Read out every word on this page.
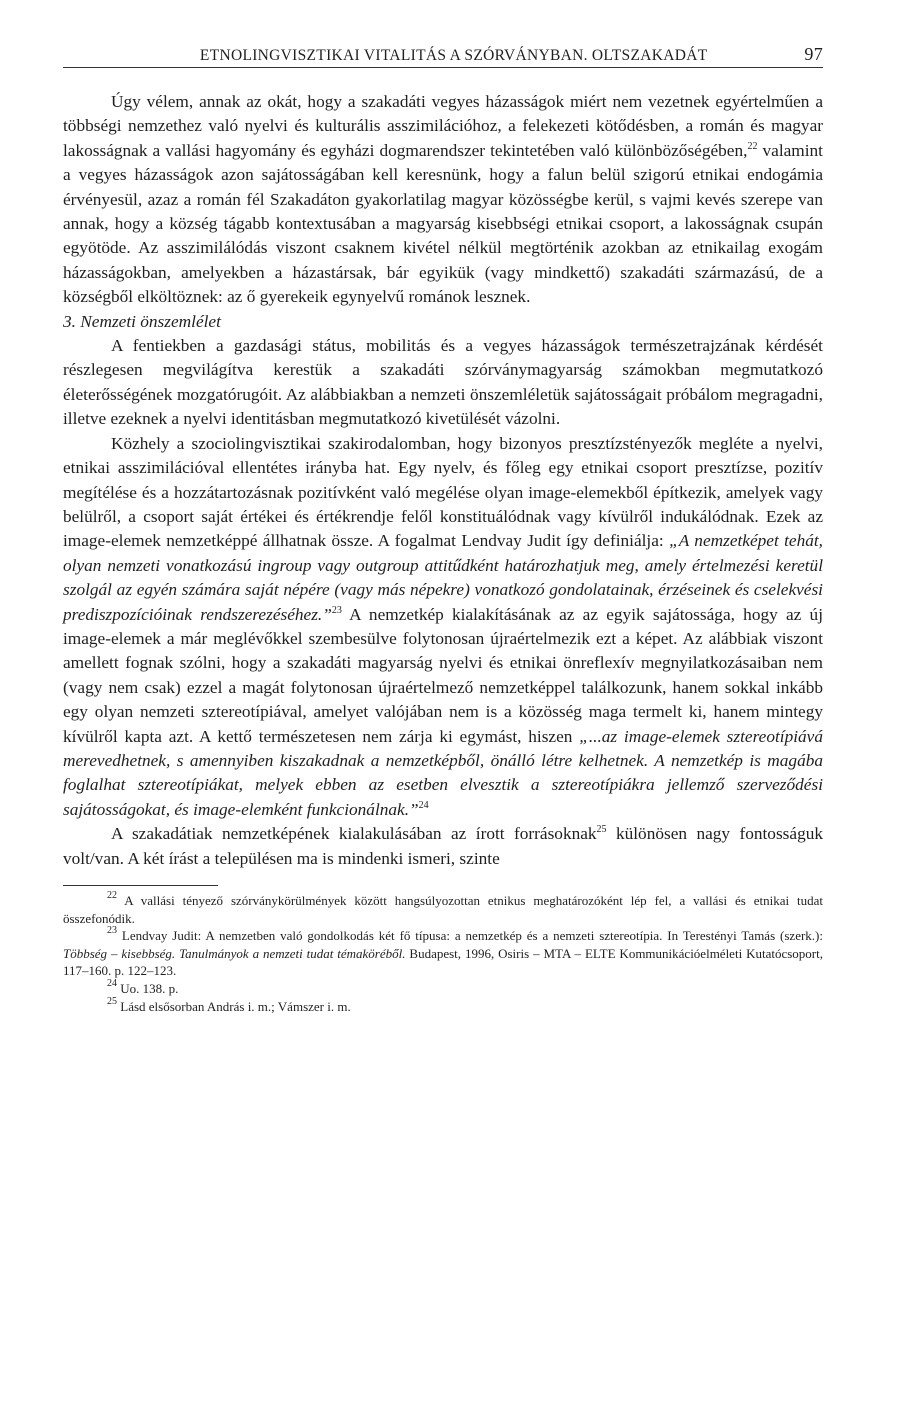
ETNOLINGVISZTIKAI VITALITÁS A SZÓRVÁNYBAN. OLTSZAKADÁT	97

Úgy vélem, annak az okát, hogy a szakadáti vegyes házasságok miért nem vezetnek egyértelműen a többségi nemzethez való nyelvi és kulturális asszimilációhoz, a felekezeti kötődésben, a román és magyar lakosságnak a vallási hagyomány és egyházi dogmarendszer tekintetében való különbözőségében,$^{22}$ valamint a vegyes házasságok azon sajátosságában kell keresnünk, hogy a falun belül szigorú etnikai endogámia érvényesül, azaz a román fél Szakadáton gyakorlatilag magyar közösségbe kerül, s vajmi kevés szerepe van annak, hogy a község tágabb kontextusában a magyarság kisebbségi etnikai csoport, a lakosságnak csupán egyötöde. Az asszimilálódás viszont csaknem kivétel nélkül megtörténik azokban az etnikailag exogám házasságokban, amelyekben a házastársak, bár egyikük (vagy mindkettő) szakadáti származású, de a községből elköltöznek: az ő gyerekeik egynyelvű románok lesznek.

3. Nemzeti önszemlélet

A fentiekben a gazdasági státus, mobilitás és a vegyes házasságok természetrajzának kérdését részlegesen megvilágítva kerestük a szakadáti szórványmagyarság számokban megmutatkozó életerősségének mozgatórugóit. Az alábbiakban a nemzeti önszemléletük sajátosságait próbálom megragadni, illetve ezeknek a nyelvi identitásban megmutatkozó kivetülését vázolni.

Közhely a szociolingvisztikai szakirodalomban, hogy bizonyos presztízstényezők megléte a nyelvi, etnikai asszimilációval ellentétes irányba hat. Egy nyelv, és főleg egy etnikai csoport presztízse, pozitív megítélése és a hozzátartozásnak pozitívként való megélése olyan image-elemekből építkezik, amelyek vagy belülről, a csoport saját értékei és értékrendje felől konstituálódnak vagy kívülről indukálódnak. Ezek az image-elemek nemzetképpé állhatnak össze. A fogalmat Lendvay Judit így definiálja: „A nemzetképet tehát, olyan nemzeti vonatkozású ingroup vagy outgroup attitűdként határozhatjuk meg, amely értelmezési keretül szolgál az egyén számára saját népére (vagy más népekre) vonatkozó gondolatainak, érzéseinek és cselekvési prediszpozícióinak rendszerezéséhez.”$^{23}$ A nemzetkép kialakításának az az egyik sajátossága, hogy az új image-elemek a már meglévőkkel szembesülve folytonosan újraértelmezik ezt a képet. Az alábbiak viszont amellett fognak szólni, hogy a szakadáti magyarság nyelvi és etnikai önreflexív megnyilatkozásaiban nem (vagy nem csak) ezzel a magát folytonosan újraértelmező nemzetképpel találkozunk, hanem sokkal inkább egy olyan nemzeti sztereotípiával, amelyet valójában nem is a közösség maga termelt ki, hanem mintegy kívülről kapta azt. A kettő természetesen nem zárja ki egymást, hiszen „...az image-elemek sztereotípiává merevedhetnek, s amennyiben kiszakadnak a nemzetképből, önálló létre kelhetnek. A nemzetkép is magába foglalhat sztereotípiákat, melyek ebben az esetben elvesztik a sztereotípiákra jellemző szerveződési sajátosságokat, és image-elemként funkcionálnak.”$^{24}$

A szakadátiak nemzetképének kialakulásában az írott forrásoknak$^{25}$ különösen nagy fontosságuk volt/van. A két írást a településen ma is mindenki ismeri, szinte

$^{22}$ A vallási tényező szórványkörülmények között hangsúlyozottan etnikus meghatározóként lép fel, a vallási és etnikai tudat összefonódik.

$^{23}$ Lendvay Judit: A nemzetben való gondolkodás két fő típusa: a nemzetkép és a nemzeti sztereotípia. In Terestényi Tamás (szerk.): Többség – kisebbség. Tanulmányok a nemzeti tudat témaköréből. Budapest, 1996, Osiris – MTA – ELTE Kommunikációelméleti Kutatócsoport, 117–160. p. 122–123.

$^{24}$ Uo. 138. p.

$^{25}$ Lásd elsősorban András i. m.; Vámszer i. m.
